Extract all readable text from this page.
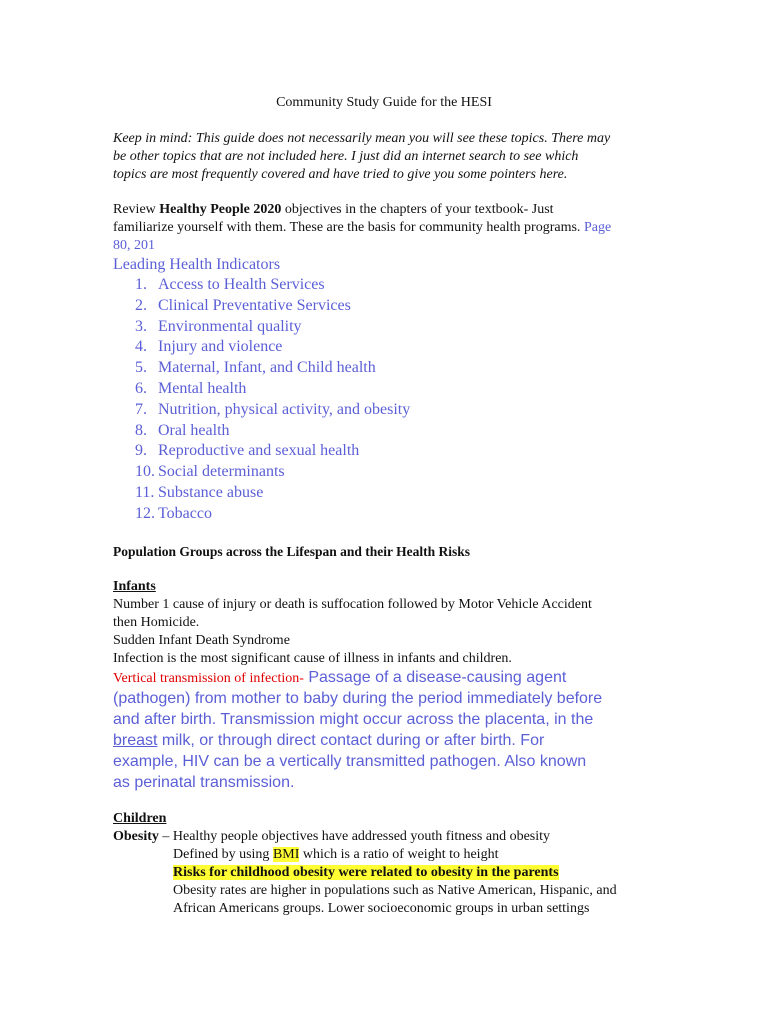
Community Study Guide for the HESI
Keep in mind: This guide does not necessarily mean you will see these topics. There may
be other topics that are not included here. I just did an internet search to see which
topics are most frequently covered and have tried to give you some pointers here.
Review Healthy People 2020 objectives in the chapters of your textbook- Just
familiarize yourself with them. These are the basis for community health programs. Page
80, 201
Leading Health Indicators
1. Access to Health Services
2. Clinical Preventative Services
3. Environmental quality
4. Injury and violence
5. Maternal, Infant, and Child health
6. Mental health
7. Nutrition, physical activity, and obesity
8. Oral health
9. Reproductive and sexual health
10. Social determinants
11. Substance abuse
12. Tobacco
Population Groups across the Lifespan and their Health Risks
Infants
Number 1 cause of injury or death is suffocation followed by Motor Vehicle Accident
then Homicide.
Sudden Infant Death Syndrome
Infection is the most significant cause of illness in infants and children.
Vertical transmission of infection- Passage of a disease-causing agent
(pathogen) from mother to baby during the period immediately before
and after birth. Transmission might occur across the placenta, in the
breast milk, or through direct contact during or after birth. For
example, HIV can be a vertically transmitted pathogen. Also known
as perinatal transmission.
Children
Obesity – Healthy people objectives have addressed youth fitness and obesity
Defined by using BMI which is a ratio of weight to height
Risks for childhood obesity were related to obesity in the parents
Obesity rates are higher in populations such as Native American, Hispanic, and
African Americans groups. Lower socioeconomic groups in urban settings
